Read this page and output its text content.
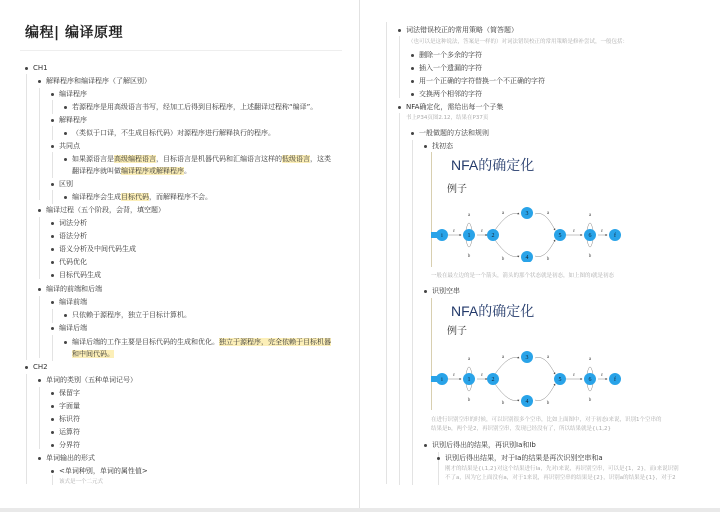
编程| 编译原理
CH1
解释程序和编译程序（了解区别）
编译程序
若源程序是用高级语言书写，经加工后得到目标程序，上述翻译过程称“编译”。
解释程序
（类似于口译，不生成目标代码）对源程序进行解释执行的程序。
共同点
如果源语言是高级编程语言，目标语言是机器代码和汇编语言这样的低级语言，这类
翻译程序就叫做编译程序或解释程序。
区别
编译程序会生成目标代码，而解释程序不会。
编译过程（五个阶段，会背，填空题）
词法分析
语法分析
语义分析及中间代码生成
代码优化
目标代码生成
编译的前端和后端
编译前端
只依赖于源程序，独立于目标计算机。
编译后端
编译后端的工作主要是目标代码的生成和优化。独立于源程序，完全依赖于目标机器
和中间代码。
CH2
单词的类别（五种单词记号）
保留字
字面量
标识符
运算符
分界符
单词输出的形式
<单词种别，单词的属性值>
该式是一个二元式
词法错误校正的常用策略（简答题）
（也可以是这种说法，答案是一样的）对词法错误校正的常用策略是修补尝试，一般包括：
删除一个多余的字符
插入一个遗漏的字符
用一个正确的字符替换一个不正确的字符
交换两个相邻的字符
NFA确定化，需给出每一个子集
书上P34页图2.12，结果在P37页
一般做题的方法和规则
找初态
NFA的确定化
例子
i	1	2
3
4
5	6	f
ε	ε
a
b
a	a
b	b
ε	ε
a
b
一般在最左边的是一个箭头，箭头的那个状态就是初态，如上图的i就是初态
识别空串
NFA的确定化
例子
i	1	2
3
4
5	6	f
ε	ε
a
b
a	a
b	b
ε	ε
a
b
在进行识别空串的时候，可以识别很多个空串，比如上面图中，对于初态i来说，识别1个空串的
结果是b，两个是2，再识别空串，发现已经没有了，所以结果就是{i,1,2}
识别后得出的结果，再识别Ia和Ib
识别后得出结果，对于Ia的结果是再次识别空串和a
刚才的结果是{i,1,2}对这个结果进行Ia，先对i来说，再识别空串，可以是{1，2}，而i来说识别
不了a，因为它上面没有a，对于1来说，再识别空串的结果是{2}，识别a的结果是{1}，对于2
